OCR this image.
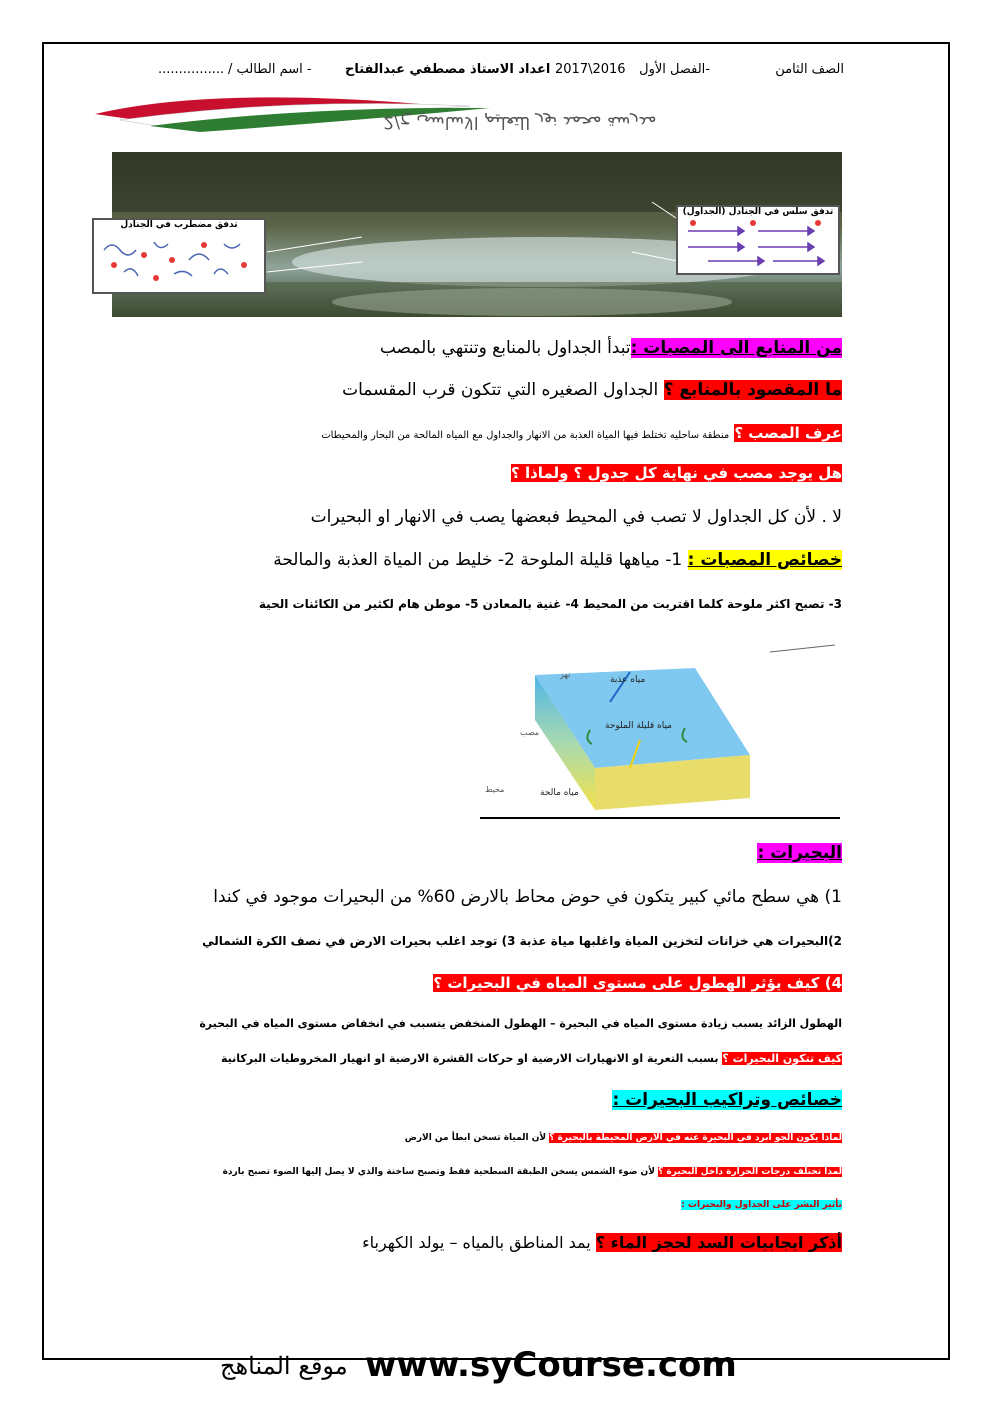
الصف الثامن
الفصل الأول-
2017\2016
اعداد الاستاذ مصطفي عبدالفتاح
- اسم الطالب /
................
مدرسة محمد نور للتعليم الاساسي ح/2
تدفق مضطرب في الجنادل
تدفق سلس في الجنادل (الجداول)
من المنابع الى المصبات :تبدأ الجداول بالمنابع وتنتهي بالمصب
ما المقصود بالمنابع ؟ الجداول الصغيره التي تتكون قرب المقسمات
عرف المصب ؟ منطقة ساحليه تختلط فيها المياة العذبة من الانهار والجداول مع المياه المالحة من البحار والمحيطات
هل يوجد مصب في نهاية كل جدول ؟ ولماذا ؟
لا . لأن كل الجداول لا تصب في المحيط فبعضها يصب في الانهار او البحيرات
خصائص المصبات : 1- مياهها قليلة الملوحة 2- خليط من المياة العذبة والمالحة
3- تصبح اكثر ملوحة كلما اقتربت من المحيط 4- غنية بالمعادن 5- موطن هام لكثير من الكائنات الحية
نهر
مياه عذبة
مياه قليلة الملوحة
مصب
محيط	مياه مالحة
البحيرات :
1) هي سطح مائي كبير يتكون في حوض محاط بالارض 60% من البحيرات موجود في كندا
2)البحيرات هي خزانات لتخزين المياة واغلبها مياة عذبة 3) توجد اغلب بحيرات الارض في نصف الكرة الشمالي
4) كيف يؤثر الهطول على مستوى المياه في البحيرات ؟
الهطول الزائد يسبب زيادة مستوى المياه في البحيرة – الهطول المنخفض يتسبب في انخفاض مستوى المياه في البحيرة
كيف تتكون البحيرات ؟ بسبب التعرية او الانهيارات الارضية او حركات القشرة الارضية او انهيار المخروطيات البركانية
خصائص وتراكيب البحيرات :
لماذا يكون الجو أبرد في البحيرة عنه في الارض المحيطة بالبحيرة ؟ لأن المياة تسخن ابطأ من الارض
لمذا تختلف درجات الحرارة داخل البحيرة ؟ لأن ضوء الشمس يسخن الطبقة السطحية فقط وتصبح ساخنة والذي لا يصل إليها الضوء تصبح باردة
تأثير البشر على الجداول والبحيرات :
أذكر ايجابيات السد لحجز الماء ؟ يمد المناطق بالمياه – يولد الكهرباء
www.syCourse.com
موقع المناهج
